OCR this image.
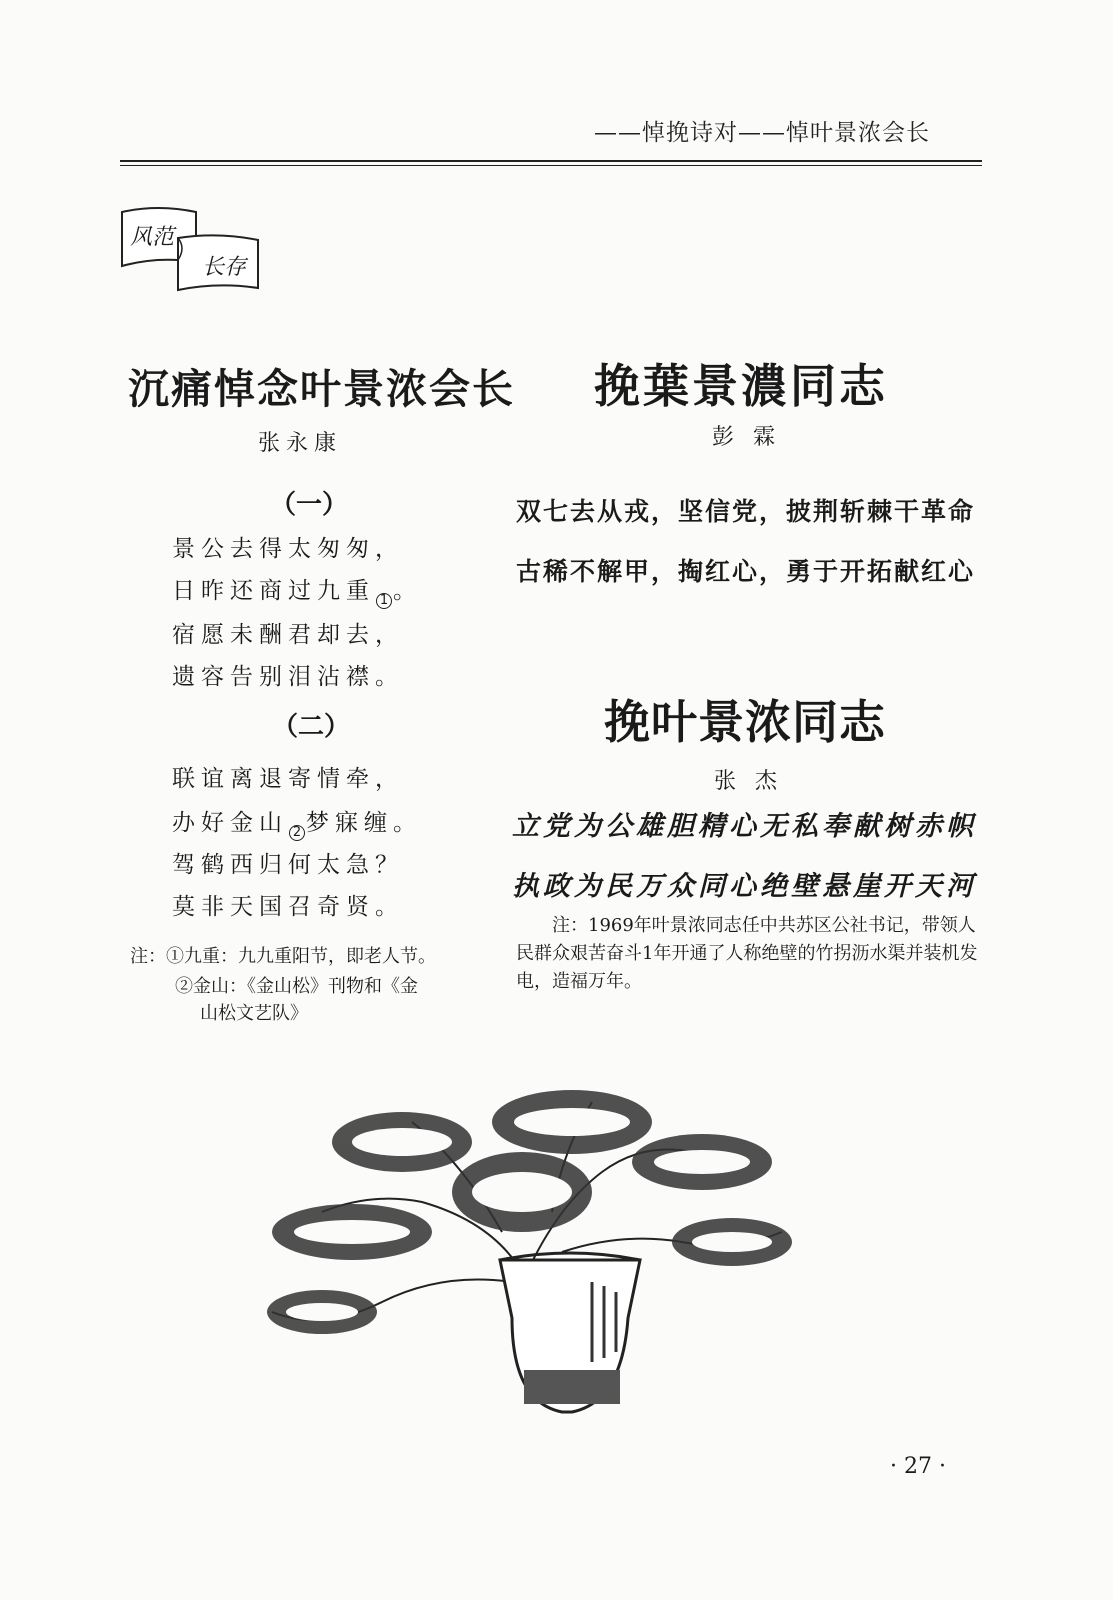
——悼挽诗对——悼叶景浓会长
风范
长存
沉痛悼念叶景浓会长
张永康
（一）
景公去得太匆匆，
日昨还商过九重 1 。
宿愿未酬君却去，
遗容告别泪沾襟。
（二）
联谊离退寄情牵，
办好金山 2 梦寐缠。
驾鹤西归何太急？
莫非天国召奇贤。
注：①九重：九九重阳节，即老人节。
②金山：《金山松》刊物和《金
山松文艺队》
挽葉景濃同志
彭 霖
双七去从戎，坚信党，披荆斩棘干革命
古稀不解甲，掏红心，勇于开拓献红心
挽叶景浓同志
张 杰
立党为公雄胆精心无私奉献树赤帜
执政为民万众同心绝壁悬崖开天河
注：1969年叶景浓同志任中共苏区公社书记，带领人民群众艰苦奋斗1年开通了人称绝壁的竹拐沥水渠并装机发电，造福万年。
· 27 ·
